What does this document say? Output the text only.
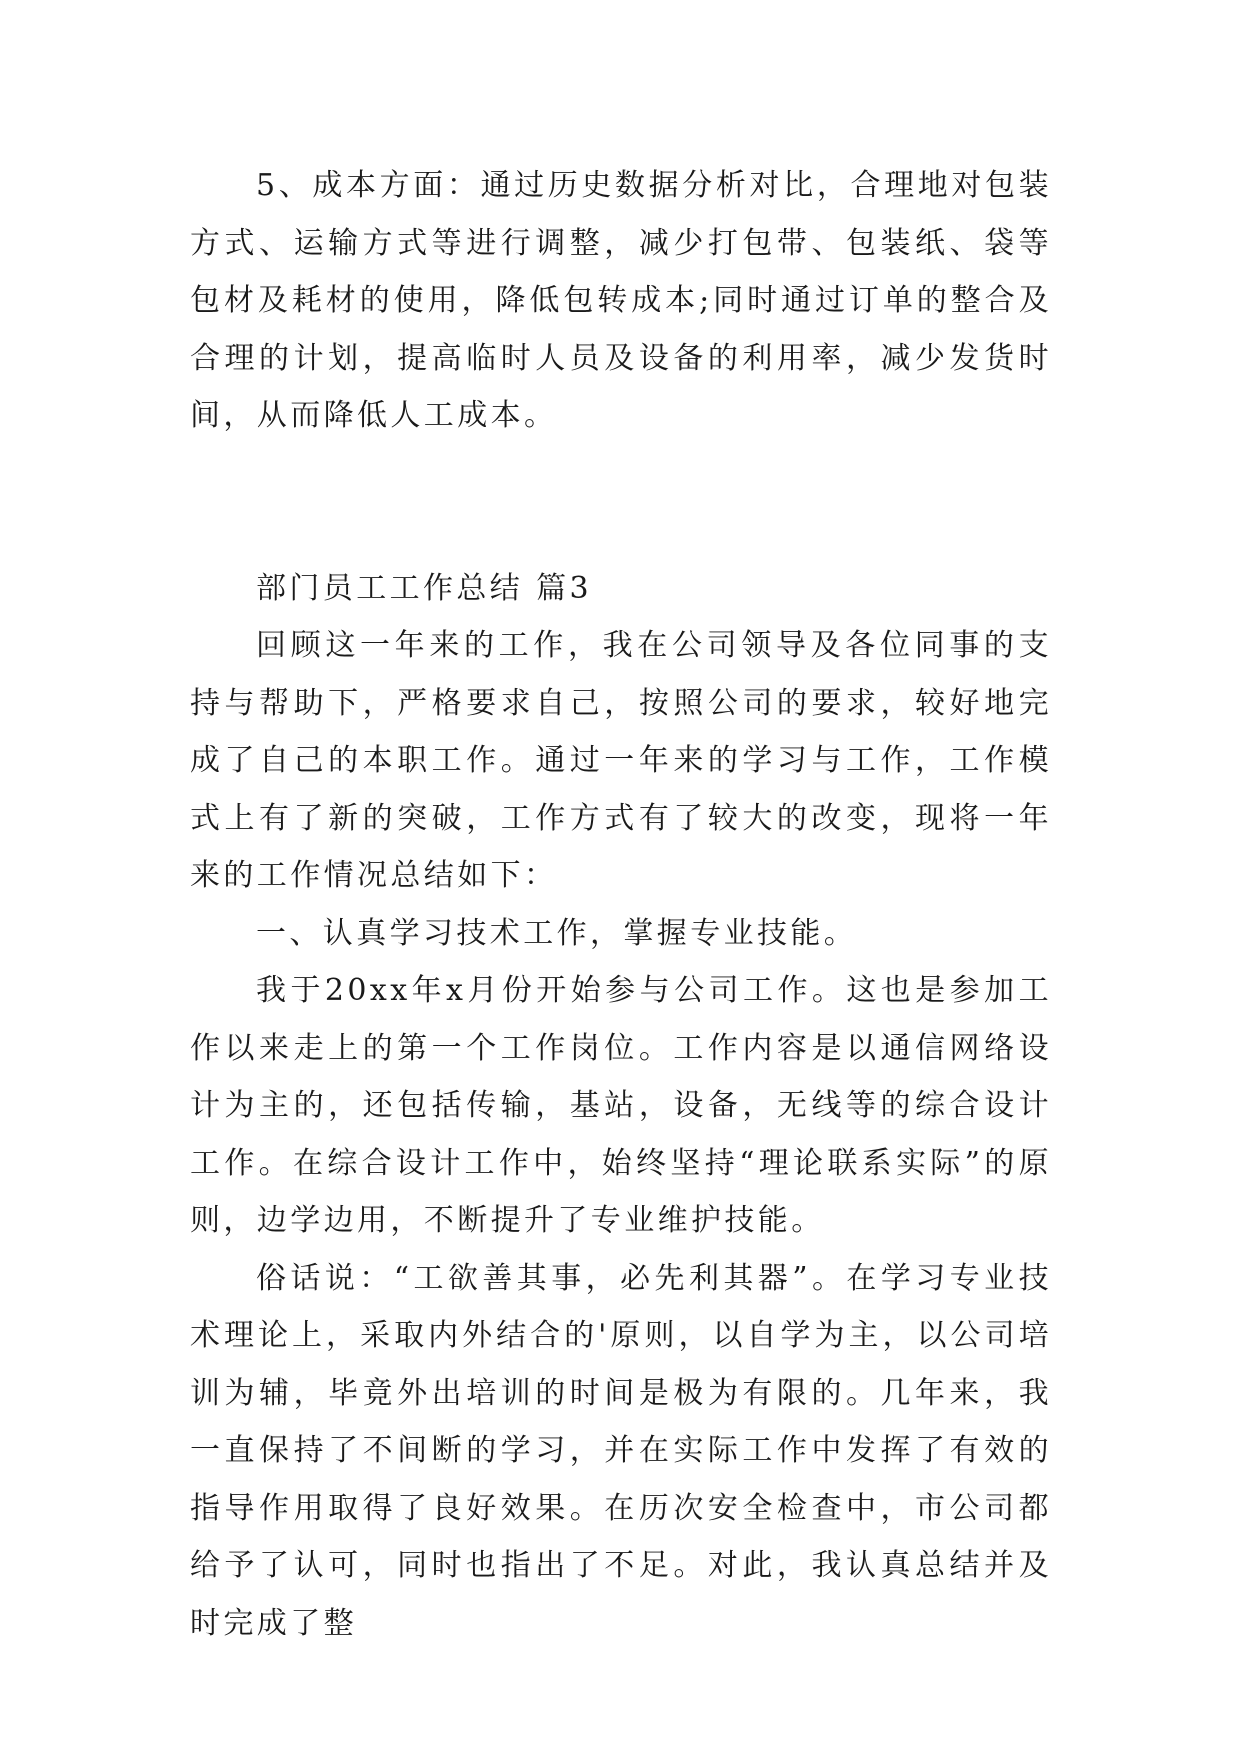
5、成本方面：通过历史数据分析对比，合理地对包装方式、运输方式等进行调整，减少打包带、包装纸、袋等包材及耗材的使用，降低包转成本;同时通过订单的整合及合理的计划，提高临时人员及设备的利用率，减少发货时间，从而降低人工成本。

部门员工工作总结 篇3

回顾这一年来的工作，我在公司领导及各位同事的支持与帮助下，严格要求自己，按照公司的要求，较好地完成了自己的本职工作。通过一年来的学习与工作，工作模式上有了新的突破，工作方式有了较大的改变，现将一年来的工作情况总结如下：

一、认真学习技术工作，掌握专业技能。

我于20xx年x月份开始参与公司工作。这也是参加工作以来走上的第一个工作岗位。工作内容是以通信网络设计为主的，还包括传输，基站，设备，无线等的综合设计工作。在综合设计工作中，始终坚持“理论联系实际”的原则，边学边用，不断提升了专业维护技能。

俗话说：“工欲善其事，必先利其器”。在学习专业技术理论上，采取内外结合的'原则，以自学为主，以公司培训为辅，毕竟外出培训的时间是极为有限的。几年来，我一直保持了不间断的学习，并在实际工作中发挥了有效的指导作用取得了良好效果。在历次安全检查中，市公司都给予了认可，同时也指出了不足。对此，我认真总结并及时完成了整
